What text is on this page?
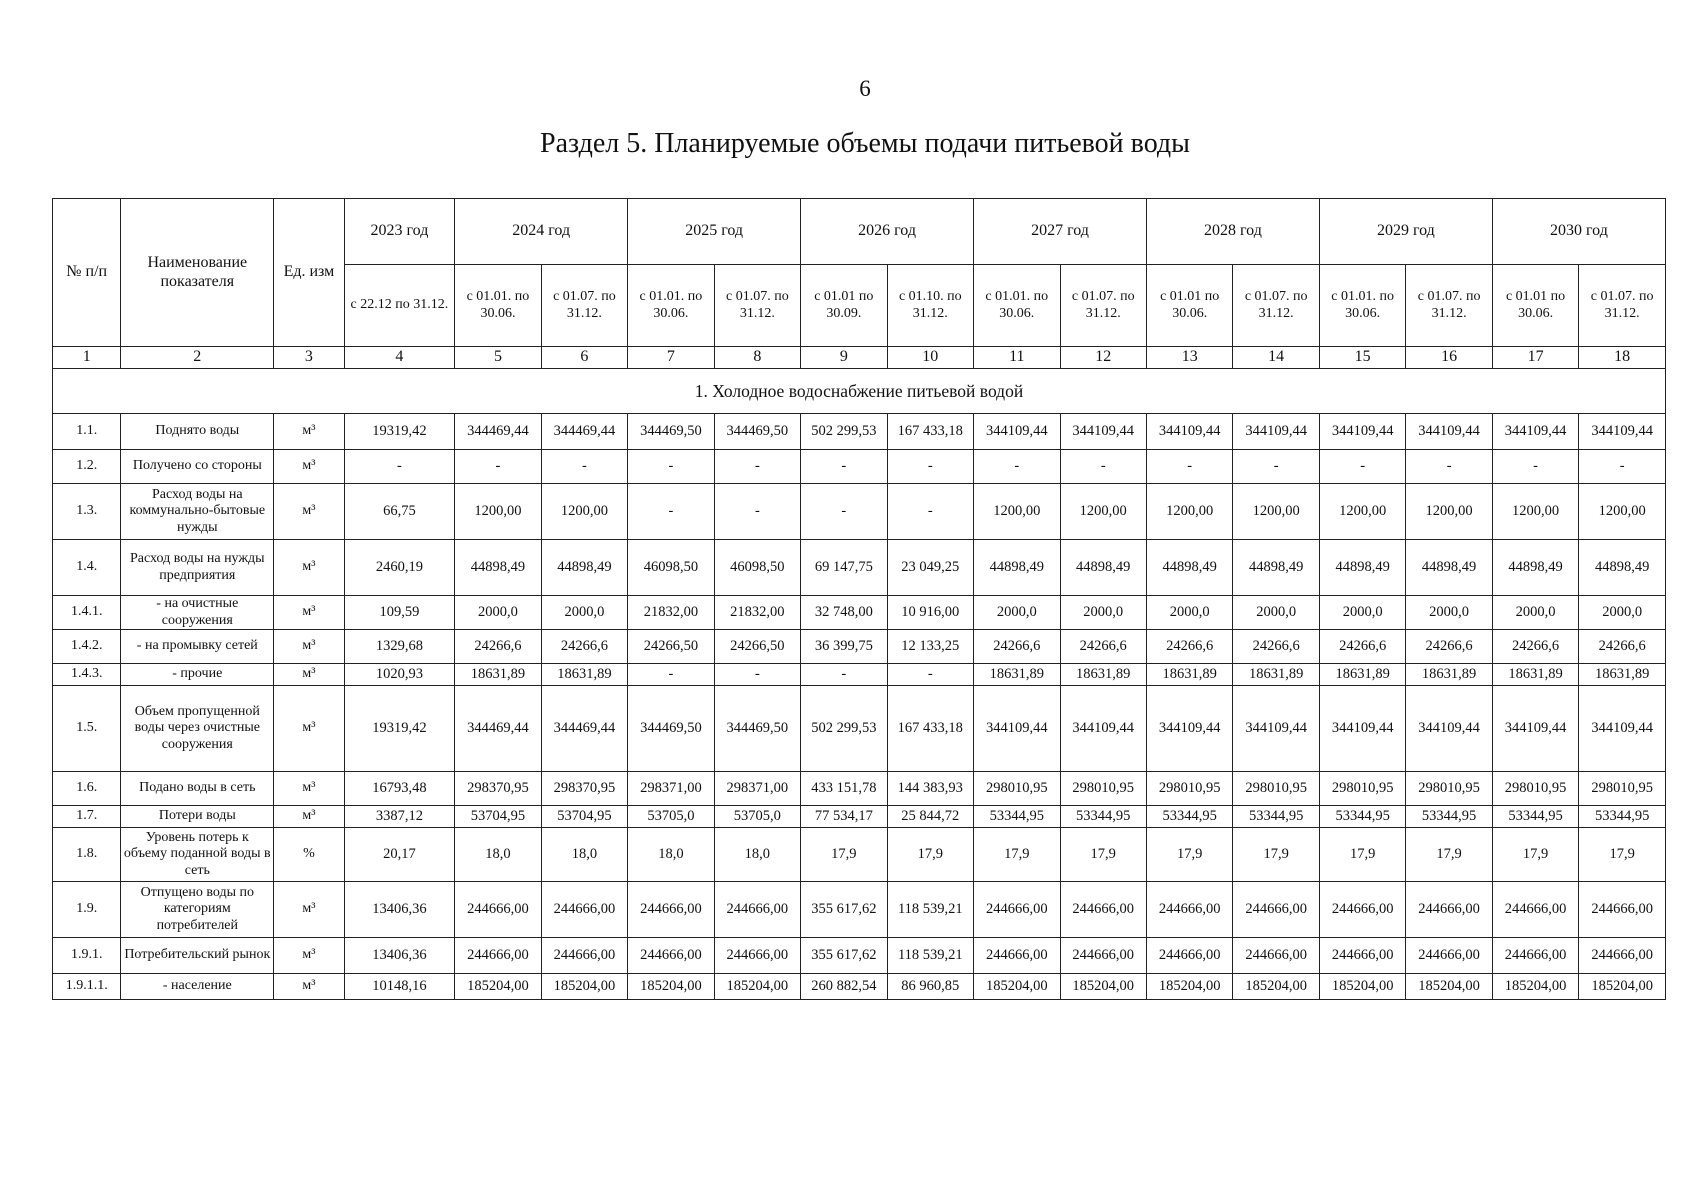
6
Раздел 5. Планируемые объемы подачи питьевой воды
№ п/п	Наименование показателя	Ед. изм	2023 год	2024 год		2025 год		2026 год		2027 год		2028 год		2029 год		2030 год	
			с 22.12 по 31.12.	с 01.01. по 30.06.	с 01.07. по 31.12.	с 01.01. по 30.06.	с 01.07. по 31.12.	с 01.01 по 30.09.	с 01.10. по 31.12.	с 01.01. по 30.06.	с 01.07. по 31.12.	с 01.01 по 30.06.	с 01.07. по 31.12.	с 01.01. по 30.06.	с 01.07. по 31.12.	с 01.01 по 30.06.	с 01.07. по 31.12.
1	2	3	4	5	6	7	8	9	10	11	12	13	14	15	16	17	18
1. Холодное водоснабжение питьевой водой																	
1.1.	Поднято воды	м³	19319,42	344469,44	344469,44	344469,50	344469,50	502 299,53	167 433,18	344109,44	344109,44	344109,44	344109,44	344109,44	344109,44	344109,44	344109,44
1.2.	Получено со стороны	м³	-	-	-	-	-	-	-	-	-	-	-	-	-	-	-
1.3.	Расход воды на коммунально-бытовые нужды	м³	66,75	1200,00	1200,00	-	-	-	-	1200,00	1200,00	1200,00	1200,00	1200,00	1200,00	1200,00	1200,00
1.4.	Расход воды на нужды предприятия	м³	2460,19	44898,49	44898,49	46098,50	46098,50	69 147,75	23 049,25	44898,49	44898,49	44898,49	44898,49	44898,49	44898,49	44898,49	44898,49
1.4.1.	- на очистные сооружения	м³	109,59	2000,0	2000,0	21832,00	21832,00	32 748,00	10 916,00	2000,0	2000,0	2000,0	2000,0	2000,0	2000,0	2000,0	2000,0
1.4.2.	- на промывку сетей	м³	1329,68	24266,6	24266,6	24266,50	24266,50	36 399,75	12 133,25	24266,6	24266,6	24266,6	24266,6	24266,6	24266,6	24266,6	24266,6
1.4.3.	- прочие	м³	1020,93	18631,89	18631,89	-	-	-	-	18631,89	18631,89	18631,89	18631,89	18631,89	18631,89	18631,89	18631,89
1.5.	Объем пропущенной воды через очистные сооружения	м³	19319,42	344469,44	344469,44	344469,50	344469,50	502 299,53	167 433,18	344109,44	344109,44	344109,44	344109,44	344109,44	344109,44	344109,44	344109,44
1.6.	Подано воды в сеть	м³	16793,48	298370,95	298370,95	298371,00	298371,00	433 151,78	144 383,93	298010,95	298010,95	298010,95	298010,95	298010,95	298010,95	298010,95	298010,95
1.7.	Потери воды	м³	3387,12	53704,95	53704,95	53705,0	53705,0	77 534,17	25 844,72	53344,95	53344,95	53344,95	53344,95	53344,95	53344,95	53344,95	53344,95
1.8.	Уровень потерь к объему поданной воды в сеть	%	20,17	18,0	18,0	18,0	18,0	17,9	17,9	17,9	17,9	17,9	17,9	17,9	17,9	17,9	17,9
1.9.	Отпущено воды по категориям потребителей	м³	13406,36	244666,00	244666,00	244666,00	244666,00	355 617,62	118 539,21	244666,00	244666,00	244666,00	244666,00	244666,00	244666,00	244666,00	244666,00
1.9.1.	Потребительский рынок	м³	13406,36	244666,00	244666,00	244666,00	244666,00	355 617,62	118 539,21	244666,00	244666,00	244666,00	244666,00	244666,00	244666,00	244666,00	244666,00
1.9.1.1.	- население	м³	10148,16	185204,00	185204,00	185204,00	185204,00	260 882,54	86 960,85	185204,00	185204,00	185204,00	185204,00	185204,00	185204,00	185204,00	185204,00
